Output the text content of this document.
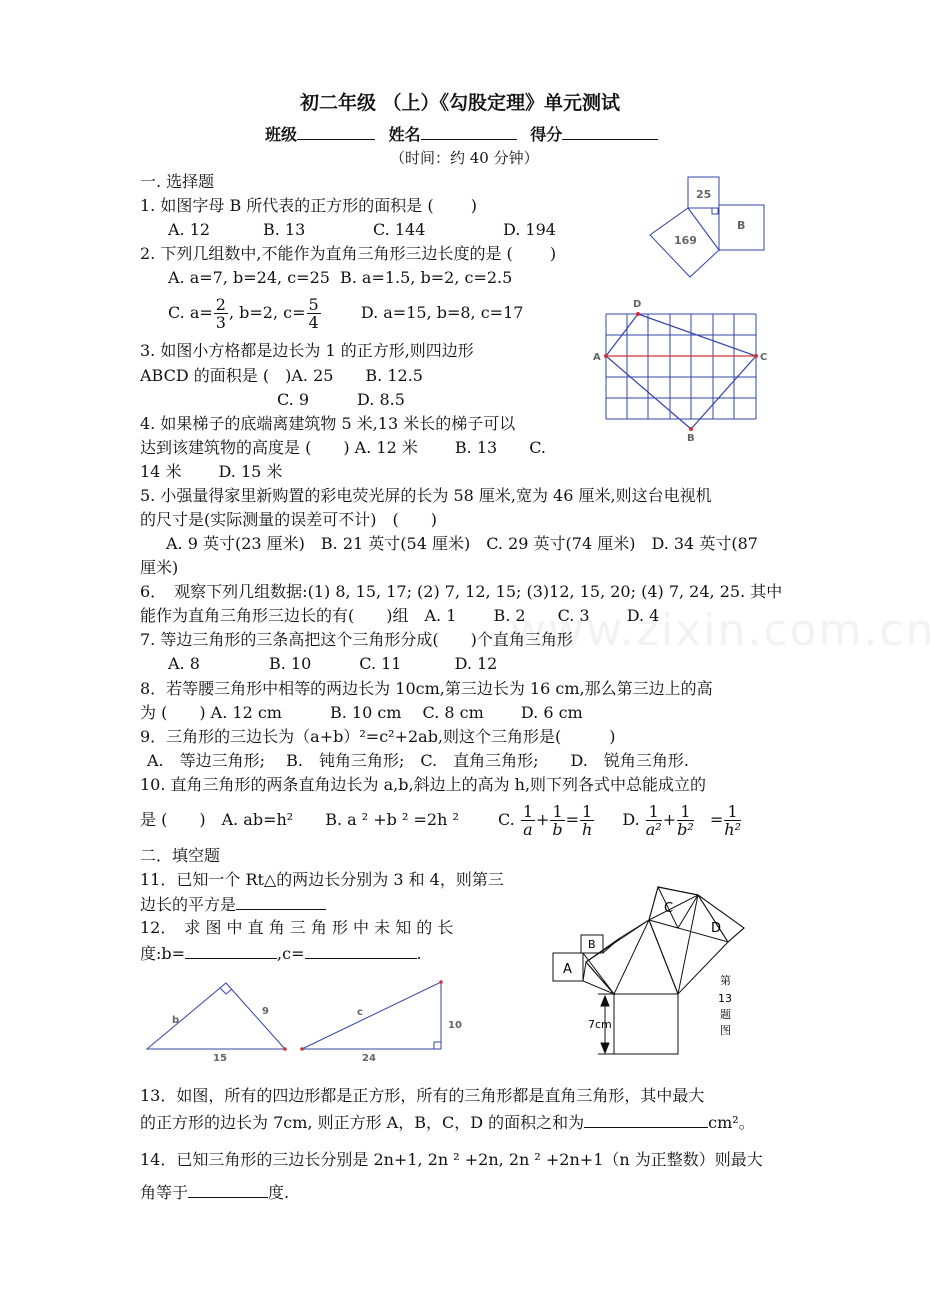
www.zixin.com.cn
初二年级 （上）《勾股定理》单元测试
班级	姓名	得分
（时间：约 40 分钟）
一. 选择题
1. 如图字母 B 所代表的正方形的面积是 (　　 )
A. 12	B. 13	C. 144	D. 194
25
169
B
2. 下列几组数中,不能作为直角三角形三边长度的是 (　　 )
A. a=7, b=24, c=25 B. a=1.5, b=2, c=2.5
C. $a= \frac{2}{3}$ , b=2, $c= \frac{5}{4}$	D. a=15, b=8, c=17
A	C
D
B
3. 如图小方格都是边长为 1 的正方形,则四边形
ABCD 的面积是 (　)A. 25　　B. 12.5
C. 9　　　D. 8.5
4. 如果梯子的底端离建筑物 5 米,13 米长的梯子可以
达到该建筑物的高度是 (　　) A. 12 米　　 B. 13　　C.
14 米　　 D. 15 米
5. 小强量得家里新购置的彩电荧光屏的长为 58 厘米,宽为 46 厘米,则这台电视机
的尺寸是(实际测量的误差可不计)　(　　)
A. 9 英寸(23 厘米)　B. 21 英寸(54 厘米)　C. 29 英寸(74 厘米)　D. 34 英寸(87
厘米)
6．　观察下列几组数据:(1) 8, 15, 17; (2) 7, 12, 15; (3)12, 15, 20; (4) 7, 24, 25. 其中
能作为直角三角形三边长的有(　　)组　A. 1　　 B. 2　　C. 3　　 D. 4
7. 等边三角形的三条高把这个三角形分成(　　)个直角三角形
A. 8　　　　 B. 10　　　C. 11　　　 D. 12
8．若等腰三角形中相等的两边长为 10cm,第三边长为 16 cm,那么第三边上的高
为 (　　) A. 12 cm　　　B. 10 cm　 C. 8 cm　　 D. 6 cm
9．三角形的三边长为（a+b）²=c²+2ab,则这个三角形是(　　　)
A.　等边三角形;　 B.　钝角三角形;　C.　直角三角形;　　D.　锐角三角形.
10. 直角三角形的两条直角边长为 a,b,斜边上的高为 h,则下列各式中总能成立的
是 (　　)　A. ab=h²　　B. a ² +b ² =2h ² C. $\frac{1}{a} + \frac{1}{b} = \frac{1}{h} D$. $\frac{1}{\text{a²}} + \frac{1}{\text{b²}} = \frac{1}{\text{h²}}$
二．填空题
11．已知一个 Rt△的两边长分别为 3 和 4，则第三
边长的平方是
12．　求 图 中 直 角 三 角 形 中 未 知 的 长
度:b=	,c=	.
b
9
15
c
10
24
A
B
C
D
7cm
第
13
题
图
13．如图，所有的四边形都是正方形，所有的三角形都是直角三角形，其中最大
的正方形的边长为 7cm, 则正方形 A，B，C，D 的面积之和为	cm²。
14．已知三角形的三边长分别是 2n+1, 2n ² +2n, 2n ² +2n+1（n 为正整数）则最大
角等于	度.
